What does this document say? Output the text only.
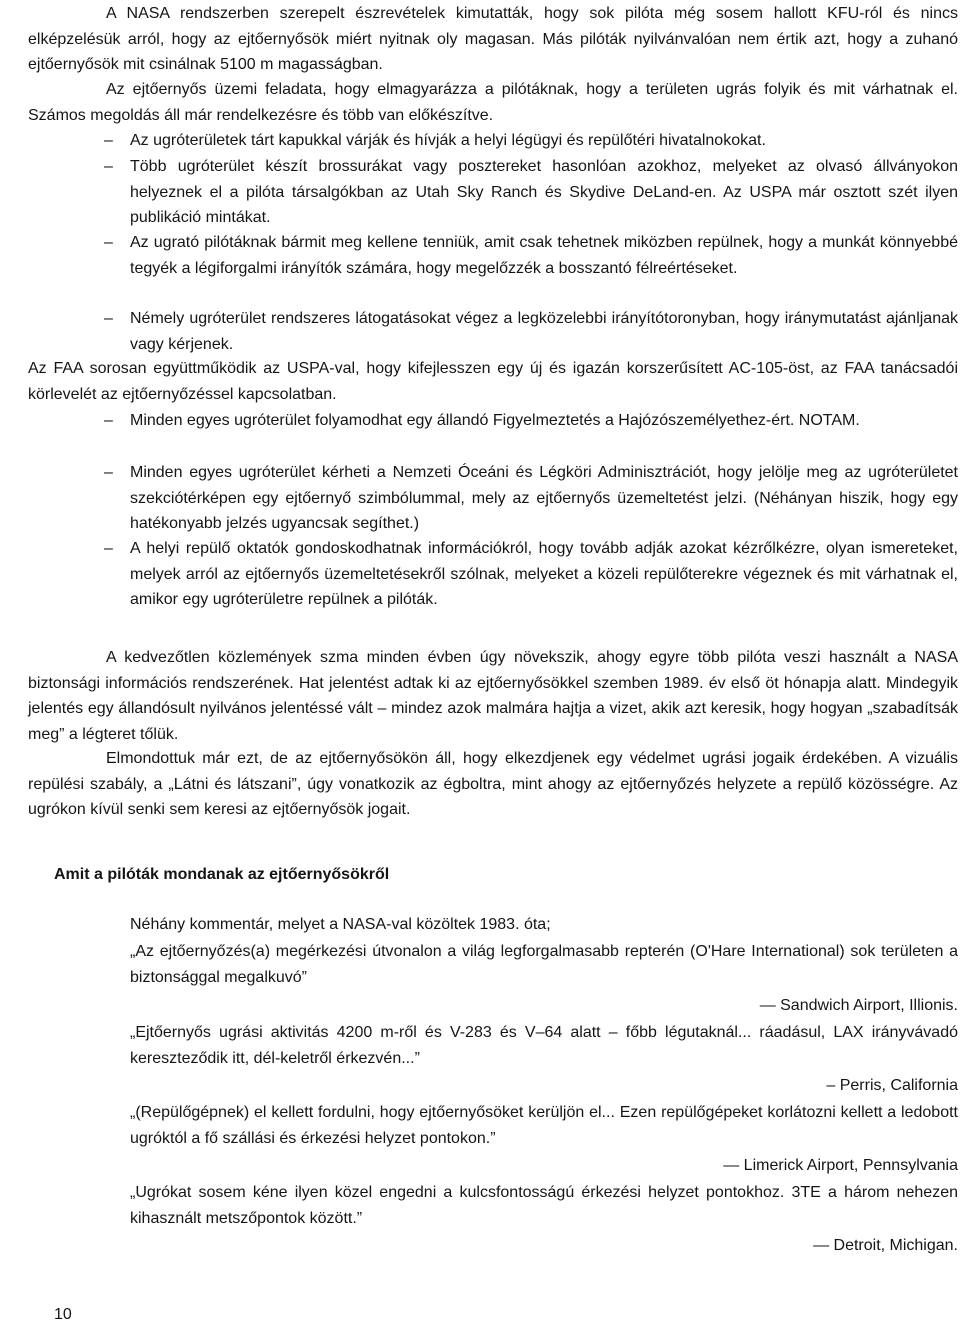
A NASA rendszerben szerepelt észrevételek kimutatták, hogy sok pilóta még sosem hallott KFU-ról és nincs elképzelésük arról, hogy az ejtőernyősök miért nyitnak oly magasan. Más pilóták nyilvánvalóan nem értik azt, hogy a zuhanó ejtőernyősök mit csinálnak 5100 m magasságban.
Az ejtőernyős üzemi feladata, hogy elmagyarázza a pilótáknak, hogy a területen ugrás folyik és mit várhatnak el. Számos megoldás áll már rendelkezésre és több van előkészítve.
– Az ugróterületek tárt kapukkal várják és hívják a helyi légügyi és repülőtéri hivatalnokokat.
– Több ugróterület készít brossurákat vagy posztereket hasonlóan azokhoz, melyeket az olvasó állványokon helyeznek el a pilóta társalgókban az Utah Sky Ranch és Skydive DeLand-en. Az USPA már osztott szét ilyen publikáció mintákat.
– Az ugrató pilótáknak bármit meg kellene tenniük, amit csak tehetnek miközben repülnek, hogy a munkát könnyebbé tegyék a légiforgalmi irányítók számára, hogy megelőzzék a bosszantó félreértéseket.
– Némely ugróterület rendszeres látogatásokat végez a legközelebbi irányítótoronyban, hogy iránymutatást ajánljanak vagy kérjenek.
Az FAA sorosan együttműködik az USPA-val, hogy kifejlesszen egy új és igazán korszerűsített AC-105-öst, az FAA tanácsadói körlevelét az ejtőernyőzéssel kapcsolatban.
– Minden egyes ugróterület folyamodhat egy állandó Figyelmeztetés a Hajózószemélyethez-ért. NOTAM.
– Minden egyes ugróterület kérheti a Nemzeti Óceáni és Légköri Adminisztrációt, hogy jelölje meg az ugróterületet szekciótérképen egy ejtőernyő szimbólummal, mely az ejtőernyős üzemeltetést jelzi. (Néhányan hiszik, hogy egy hatékonyabb jelzés ugyancsak segíthet.)
– A helyi repülő oktatók gondoskodhatnak információkról, hogy tovább adják azokat kézrőlkézre, olyan ismereteket, melyek arról az ejtőernyős üzemeltetésekről szólnak, melyeket a közeli repülőterekre végeznek és mit várhatnak el, amikor egy ugróterületre repülnek a pilóták.
A kedvezőtlen közlemények szma minden évben úgy növekszik, ahogy egyre több pilóta veszi használt a NASA biztonsági információs rendszerének. Hat jelentést adtak ki az ejtőernyősökkel szemben 1989. év első öt hónapja alatt. Mindegyik jelentés egy állandósult nyilvános jelentéssé vált – mindez azok malmára hajtja a vizet, akik azt keresik, hogy hogyan „szabadítsák meg” a légteret tőlük.
Elmondottuk már ezt, de az ejtőernyősökön áll, hogy elkezdjenek egy védelmet ugrási jogaik érdekében. A vizuális repülési szabály, a „Látni és látszani”, úgy vonatkozik az égboltra, mint ahogy az ejtőernyőzés helyzete a repülő közösségre. Az ugrókon kívül senki sem keresi az ejtőernyősök jogait.
Amit a pilóták mondanak az ejtőernyősökről
Néhány kommentár, melyet a NASA-val közöltek 1983. óta;
„Az ejtőernyőzés(a) megérkezési útvonalon a világ legforgalmasabb repterén (O'Hare International) sok területen a biztonsággal megalkuvó”
— Sandwich Airport, Illionis.
„Ejtőernyős ugrási aktivitás 4200 m-ről és V-283 és V–64 alatt – főbb légutaknál... ráadásul, LAX irányvávadó kereszteződik itt, dél-keletről érkezvén...”
– Perris, California
„(Repülőgépnek) el kellett fordulni, hogy ejtőernyősöket kerüljön el... Ezen repülőgépeket korlátozni kellett a ledobott ugróktól a fő szállási és érkezési helyzet pontokon.”
— Limerick Airport, Pennsylvania
„Ugrókat sosem kéne ilyen közel engedni a kulcsfontosságú érkezési helyzet pontokhoz. 3TE a három nehezen kihasznált metszőpontok között.”
— Detroit, Michigan.
10
